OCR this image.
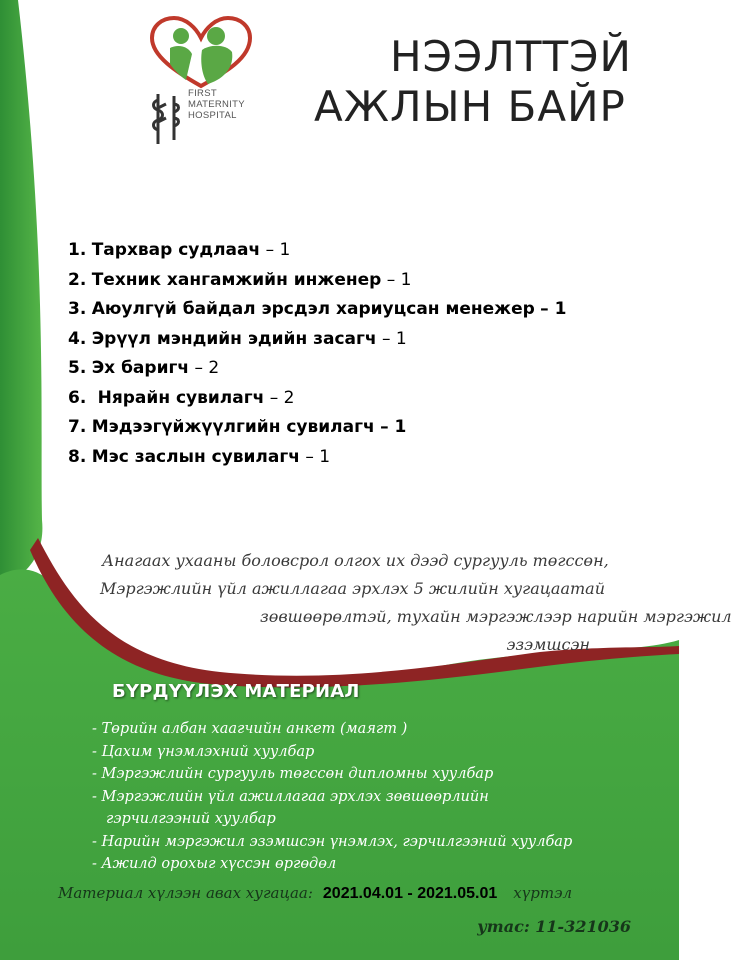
FIRST
MATERNITY
HOSPITAL
НЭЭЛТТЭЙ
АЖЛЫН БАЙР
1. Тархвар судлаач – 1
2. Техник хангамжийн инженер – 1
3. Аюулгүй байдал эрсдэл хариуцсан менежер – 1
4. Эрүүл мэндийн эдийн засагч – 1
5. Эх баригч – 2
6.  Нярайн сувилагч – 2
7. Мэдээгүйжүүлгийн сувилагч – 1
8. Мэс заслын сувилагч – 1

Анагаах ухааны боловсрол олгох их дээд сургууль төгссөн,
Мэргэжлийн үйл ажиллагаа эрхлэх 5 жилийн хугацаатай
зөвшөөрөлтэй, тухайн мэргэжлээр нарийн мэргэжил
эзэмшсэн

БҮРДҮҮЛЭХ МАТЕРИАЛ
- Төрийн албан хаагчийн анкет (маягт )
- Цахим үнэмлэхний хуулбар
- Мэргэжлийн сургууль төгссөн дипломны хуулбар
- Мэргэжлийн үйл ажиллагаа эрхлэх зөвшөөрлийн
гэрчилгээний хуулбар
- Нарийн мэргэжил эзэмшсэн үнэмлэх, гэрчилгээний хуулбар
- Ажилд орохыг хүссэн өргөдөл

Материал хүлээн авах хугацаа: 2021.04.01 - 2021.05.01 хүртэл

утас: 11-321036
